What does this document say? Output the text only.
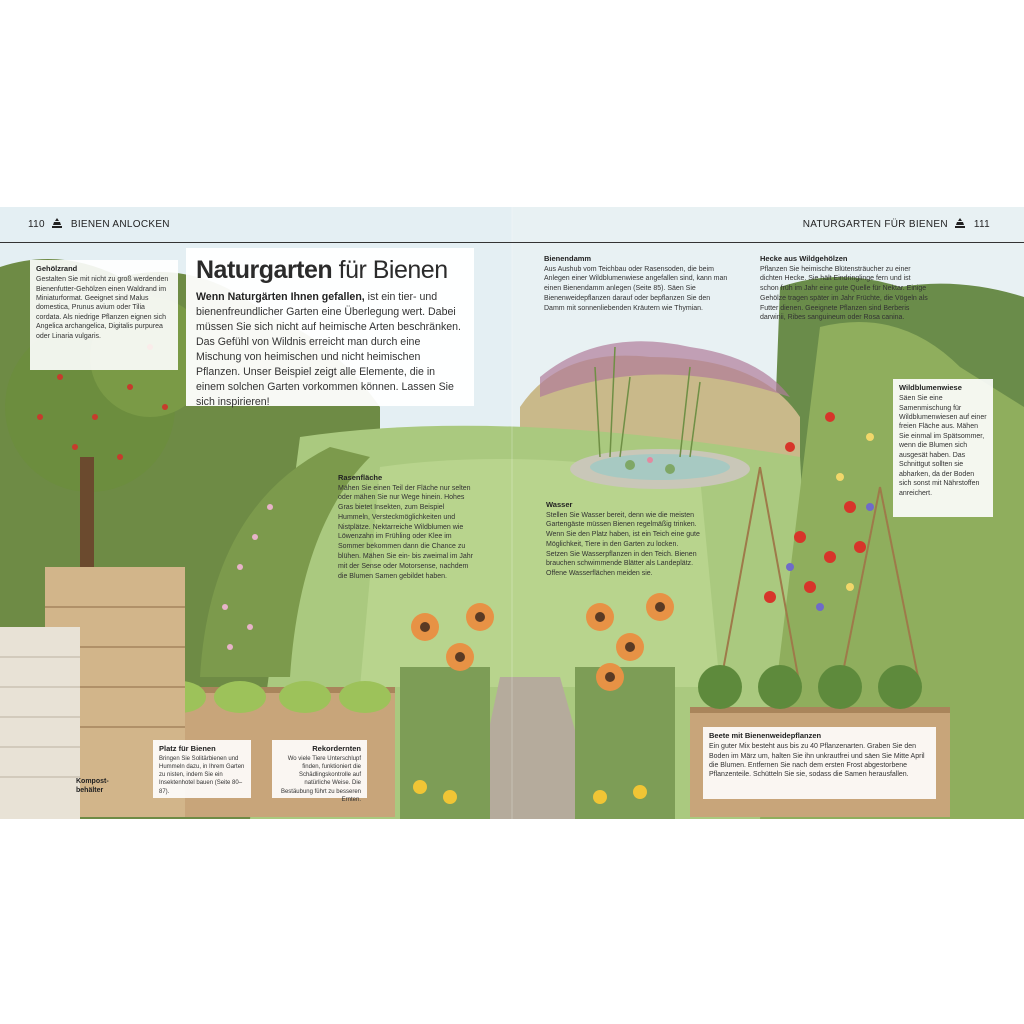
110	BIENEN ANLOCKEN	NATURGARTEN FÜR BIENEN	111
Naturgarten für Bienen
Wenn Naturgärten Ihnen gefallen, ist ein tier- und bienenfreundlicher Garten eine Überlegung wert. Dabei müssen Sie sich nicht auf heimische Arten beschränken. Das Gefühl von Wildnis erreicht man durch eine Mischung von heimischen und nicht heimischen Pflanzen. Unser Beispiel zeigt alle Elemente, die in einem solchen Garten vorkommen können. Lassen Sie sich inspirieren!
Gehölzrand
Gestalten Sie mit nicht zu groß werdenden Bienenfutter-Gehölzen einen Waldrand im Miniaturformat. Geeignet sind Malus domestica, Prunus avium oder Tilia cordata. Als niedrige Pflanzen eignen sich Angelica archangelica, Digitalis purpurea oder Linaria vulgaris.
Rasenfläche
Mähen Sie einen Teil der Fläche nur selten oder mähen Sie nur Wege hinein. Hohes Gras bietet Insekten, zum Beispiel Hummeln, Versteckmöglichkeiten und Nistplätze. Nektarreiche Wildblumen wie Löwenzahn im Frühling oder Klee im Sommer bekommen dann die Chance zu blühen. Mähen Sie ein- bis zweimal im Jahr mit der Sense oder Motorsense, nachdem die Blumen Samen gebildet haben.
Bienendamm
Aus Aushub vom Teichbau oder Rasensoden, die beim Anlegen einer Wildblumenwiese angefallen sind, kann man einen Bienendamm anlegen (Seite 85). Säen Sie Bienenweidepflanzen darauf oder bepflanzen Sie den Damm mit sonnenliebenden Kräutern wie Thymian.
Hecke aus Wildgehölzen
Pflanzen Sie heimische Blütensträucher zu einer dichten Hecke. Sie hält Eindringlinge fern und ist schon früh im Jahr eine gute Quelle für Nektar. Einige Gehölze tragen später im Jahr Früchte, die Vögeln als Futter dienen. Geeignete Pflanzen sind Berberis darwinii, Ribes sanguineum oder Rosa canina.
Wildblumenwiese
Säen Sie eine Samenmischung für Wildblumenwiesen auf einer freien Fläche aus. Mähen Sie einmal im Spätsommer, wenn die Blumen sich ausgesät haben. Das Schnittgut sollten sie abharken, da der Boden sich sonst mit Nährstoffen anreichert.
Wasser
Stellen Sie Wasser bereit, denn wie die meisten Gartengäste müssen Bienen regelmäßig trinken. Wenn Sie den Platz haben, ist ein Teich eine gute Möglichkeit, Tiere in den Garten zu locken. Setzen Sie Wasserpflanzen in den Teich. Bienen brauchen schwimmende Blätter als Landeplätz. Offene Wasserflächen meiden sie.
Platz für Bienen
Bringen Sie Solitärbienen und Hummeln dazu, in Ihrem Garten zu nisten, indem Sie ein Insektenhotel bauen (Seite 80–87).
Rekordernten
Wo viele Tiere Unterschlupf finden, funktioniert die Schädlingskontrolle auf natürliche Weise. Die Bestäubung führt zu besseren Ernten.
Beete mit Bienenweidepflanzen
Ein guter Mix besteht aus bis zu 40 Pflanzenarten. Graben Sie den Boden im März um, halten Sie ihn unkrautfrei und säen Sie Mitte April die Blumen. Entfernen Sie nach dem ersten Frost abgestorbene Pflanzenteile. Schütteln Sie sie, sodass die Samen herausfallen.
Kompost-
behälter
